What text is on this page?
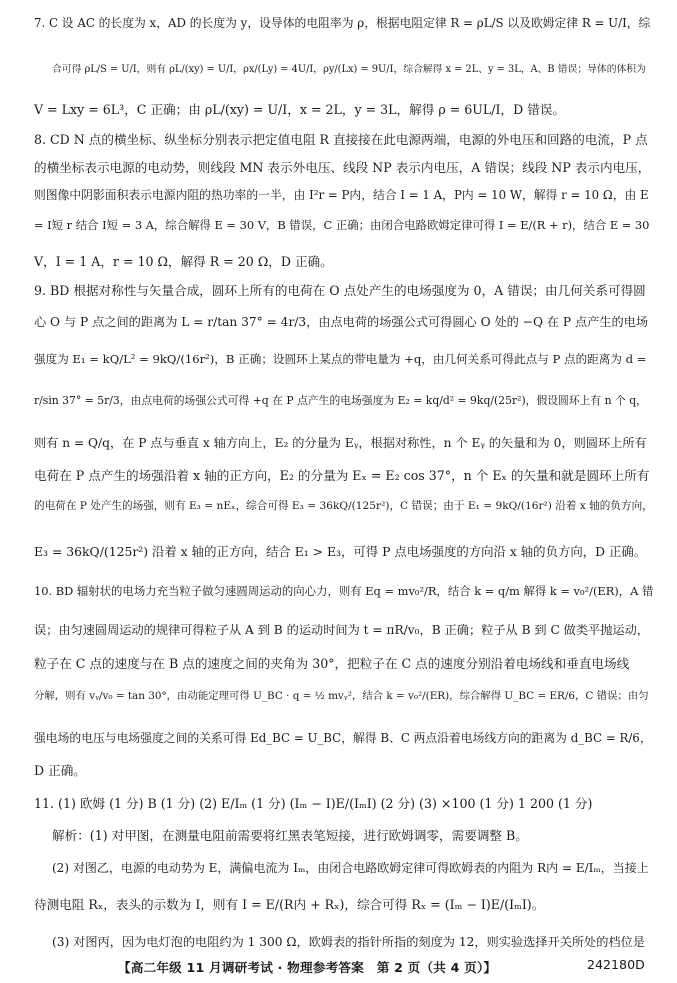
7. C 设 AC 的长度为 x，AD 的长度为 y，设导体的电阻率为 ρ，根据电阻定律 R = ρL/S 以及欧姆定律 R = U/I，综
合可得 ρL/S = U/I，则有 ρL/(xy) = U/I，ρx/(Ly) = 4U/I，ρy/(Lx) = 9U/I，综合解得 x = 2L、y = 3L，A、B 错误；导体的体积为
V = Lxy = 6L³，C 正确；由 ρL/(xy) = U/I，x = 2L，y = 3L，解得 ρ = 6UL/I，D 错误。
8. CD N 点的横坐标、纵坐标分别表示把定值电阻 R 直接接在此电源两端，电源的外电压和回路的电流，P 点
的横坐标表示电源的电动势，则线段 MN 表示外电压、线段 NP 表示内电压，A 错误；线段 NP 表示内电压，
则图像中阴影面积表示电源内阻的热功率的一半，由 I²r = P内，结合 I = 1 A，P内 = 10 W，解得 r = 10 Ω，由 E
= I短 r 结合 I短 = 3 A，综合解得 E = 30 V，B 错误，C 正确；由闭合电路欧姆定律可得 I = E/(R + r)，结合 E = 30
V，I = 1 A，r = 10 Ω，解得 R = 20 Ω，D 正确。
9. BD 根据对称性与矢量合成，圆环上所有的电荷在 O 点处产生的电场强度为 0，A 错误；由几何关系可得圆
心 O 与 P 点之间的距离为 L = r/tan 37° = 4r/3，由点电荷的场强公式可得圆心 O 处的 −Q 在 P 点产生的电场
强度为 E₁ = kQ/L² = 9kQ/(16r²)，B 正确；设圆环上某点的带电量为 +q，由几何关系可得此点与 P 点的距离为 d =
r/sin 37° = 5r/3，由点电荷的场强公式可得 +q 在 P 点产生的电场强度为 E₂ = kq/d² = 9kq/(25r²)，假设圆环上有 n 个 q，
则有 n = Q/q，在 P 点与垂直 x 轴方向上，E₂ 的分量为 Eᵧ，根据对称性，n 个 Eᵧ 的矢量和为 0，则圆环上所有
电荷在 P 点产生的场强沿着 x 轴的正方向，E₂ 的分量为 Eₓ = E₂ cos 37°，n 个 Eₓ 的矢量和就是圆环上所有
的电荷在 P 处产生的场强，则有 E₃ = nEₓ，综合可得 E₃ = 36kQ/(125r²)，C 错误；由于 E₁ = 9kQ/(16r²) 沿着 x 轴的负方向，
E₃ = 36kQ/(125r²) 沿着 x 轴的正方向，结合 E₁ > E₃，可得 P 点电场强度的方向沿 x 轴的负方向，D 正确。
10. BD 辐射状的电场力充当粒子做匀速圆周运动的向心力，则有 Eq = mv₀²/R，结合 k = q/m 解得 k = v₀²/(ER)，A 错
误；由匀速圆周运动的规律可得粒子从 A 到 B 的运动时间为 t = πR/v₀，B 正确；粒子从 B 到 C 做类平抛运动，
粒子在 C 点的速度与在 B 点的速度之间的夹角为 30°，把粒子在 C 点的速度分别沿着电场线和垂直电场线
分解，则有 vᵧ/v₀ = tan 30°，由动能定理可得 U_BC · q = ½ mvᵧ²，结合 k = v₀²/(ER)，综合解得 U_BC = ER/6，C 错误；由匀
强电场的电压与电场强度之间的关系可得 Ed_BC = U_BC，解得 B、C 两点沿着电场线方向的距离为 d_BC = R/6，
D 正确。
11. (1) 欧姆 (1 分) B (1 分) (2) E/Iₘ (1 分) (Iₘ − I)E/(IₘI) (2 分) (3) ×100 (1 分) 1 200 (1 分)
解析：(1) 对甲图，在测量电阻前需要将红黑表笔短接，进行欧姆调零，需要调整 B。
(2) 对图乙，电源的电动势为 E，满偏电流为 Iₘ，由闭合电路欧姆定律可得欧姆表的内阻为 R内 = E/Iₘ，当接上
待测电阻 Rₓ，表头的示数为 I，则有 I = E/(R内 + Rₓ)，综合可得 Rₓ = (Iₘ − I)E/(IₘI)。
(3) 对图丙，因为电灯泡的电阻约为 1 300 Ω，欧姆表的指针所指的刻度为 12，则实验选择开关所处的档位是
【高二年级 11 月调研考试 · 物理参考答案　第 2 页（共 4 页）】	242180D
